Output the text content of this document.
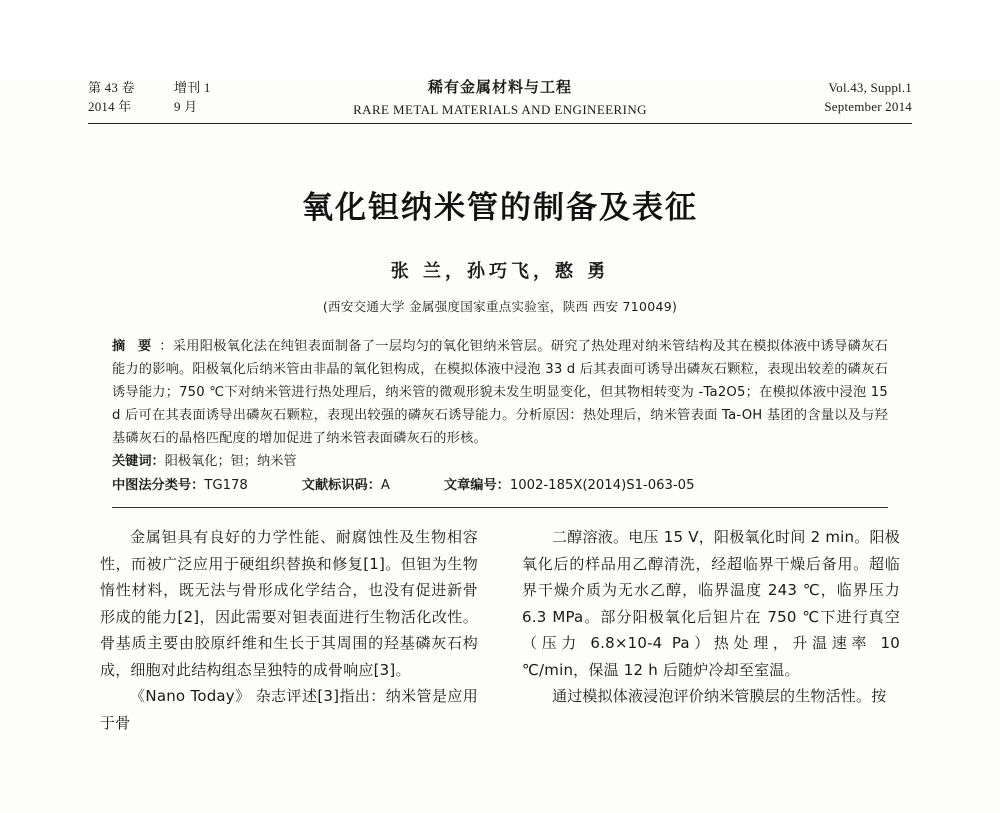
第 43 卷	增刊 1
2014 年	9 月
稀有金属材料与工程
RARE METAL MATERIALS AND ENGINEERING
Vol.43, Suppl.1
September 2014
氧化钽纳米管的制备及表征
张 兰，孙巧飞，憨 勇
(西安交通大学 金属强度国家重点实验室，陕西 西安 710049)
摘 要 ：采用阳极氧化法在纯钽表面制备了一层均匀的氧化钽纳米管层。研究了热处理对纳米管结构及其在模拟体液中诱导磷灰石能力的影响。阳极氧化后纳米管由非晶的氧化钽构成，在模拟体液中浸泡 33 d 后其表面可诱导出磷灰石颗粒，表现出较差的磷灰石诱导能力；750 ℃下对纳米管进行热处理后，纳米管的微观形貌未发生明显变化，但其物相转变为 -Ta2O5；在模拟体液中浸泡 15 d 后可在其表面诱导出磷灰石颗粒，表现出较强的磷灰石诱导能力。分析原因：热处理后，纳米管表面 Ta-OH 基团的含量以及与羟基磷灰石的晶格匹配度的增加促进了纳米管表面磷灰石的形核。
关键词：阳极氧化；钽；纳米管
中图法分类号：TG178	文献标识码：A	文章编号：1002-185X(2014)S1-063-05

金属钽具有良好的力学性能、耐腐蚀性及生物相容性，而被广泛应用于硬组织替换和修复[1]。但钽为生物惰性材料，既无法与骨形成化学结合，也没有促进新骨形成的能力[2]，因此需要对钽表面进行生物活化改性。骨基质主要由胶原纤维和生长于其周围的羟基磷灰石构成，细胞对此结构组态呈独特的成骨响应[3]。

《Nano Today》 杂志评述[3]指出：纳米管是应用于骨

二醇溶液。电压 15 V，阳极氧化时间 2 min。阳极氧化后的样品用乙醇清洗，经超临界干燥后备用。超临界干燥介质为无水乙醇，临界温度 243 ℃，临界压力 6.3 MPa。部分阳极氧化后钽片在 750 ℃下进行真空（压力 6.8×10-4 Pa）热处理，升温速率 10 ℃/min，保温 12 h 后随炉冷却至室温。

通过模拟体液浸泡评价纳米管膜层的生物活性。按
